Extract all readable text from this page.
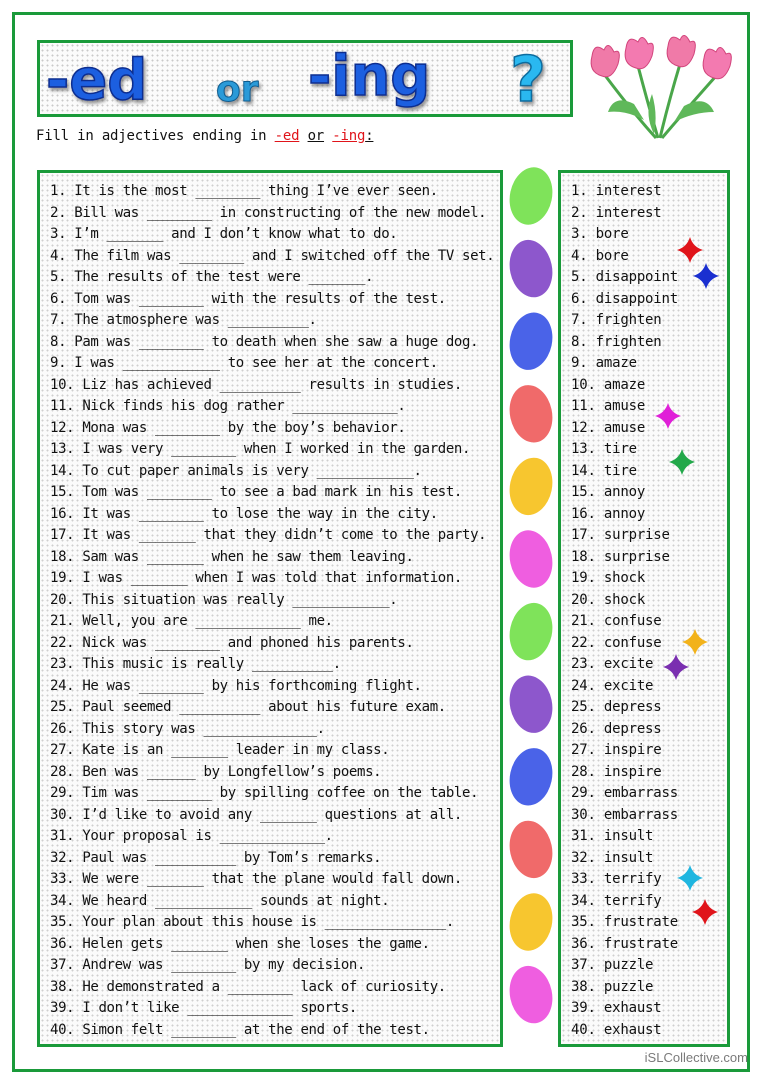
-ed or -ing ?
Fill in adjectives ending in -ed or -ing:
1. It is the most ________ thing I’ve ever seen.
2. Bill was ________ in constructing of the new model.
3. I’m _______ and I don’t know what to do.
4. The film was ________ and I switched off the TV set.
5. The results of the test were _______.
6. Tom was ________ with the results of the test.
7. The atmosphere was __________.
8. Pam was ________ to death when she saw a huge dog.
9. I was ____________ to see her at the concert.
10. Liz has achieved __________ results in studies.
11. Nick finds his dog rather _____________.
12. Mona was ________ by the boy’s behavior.
13. I was very ________ when I worked in the garden.
14. To cut paper animals is very ____________.
15. Tom was ________ to see a bad mark in his test.
16. It was ________ to lose the way in the city.
17. It was _______ that they didn’t come to the party.
18. Sam was _______ when he saw them leaving.
19. I was _______ when I was told that information.
20. This situation was really ____________.
21. Well, you are _____________ me.
22. Nick was ________ and phoned his parents.
23. This music is really __________.
24. He was ________ by his forthcoming flight.
25. Paul seemed __________ about his future exam.
26. This story was ______________.
27. Kate is an _______ leader in my class.
28. Ben was ______ by Longfellow’s poems.
29. Tim was ________ by spilling coffee on the table.
30. I’d like to avoid any _______ questions at all.
31. Your proposal is _____________.
32. Paul was __________ by Tom’s remarks.
33. We were _______ that the plane would fall down.
34. We heard ____________ sounds at night.
35. Your plan about this house is _______________.
36. Helen gets _______ when she loses the game.
37. Andrew was ________ by my decision.
38. He demonstrated a ________ lack of curiosity.
39. I don’t like _____________ sports.
40. Simon felt ________ at the end of the test.
1. interest
2. interest
3. bore
4. bore
5. disappoint
6. disappoint
7. frighten
8. frighten
9. amaze
10. amaze
11. amuse
12. amuse
13. tire
14. tire
15. annoy
16. annoy
17. surprise
18. surprise
19. shock
20. shock
21. confuse
22. confuse
23. excite
24. excite
25. depress
26. depress
27. inspire
28. inspire
29. embarrass
30. embarrass
31. insult
32. insult
33. terrify
34. terrify
35. frustrate
36. frustrate
37. puzzle
38. puzzle
39. exhaust
40. exhaust
iSLCollective.com
